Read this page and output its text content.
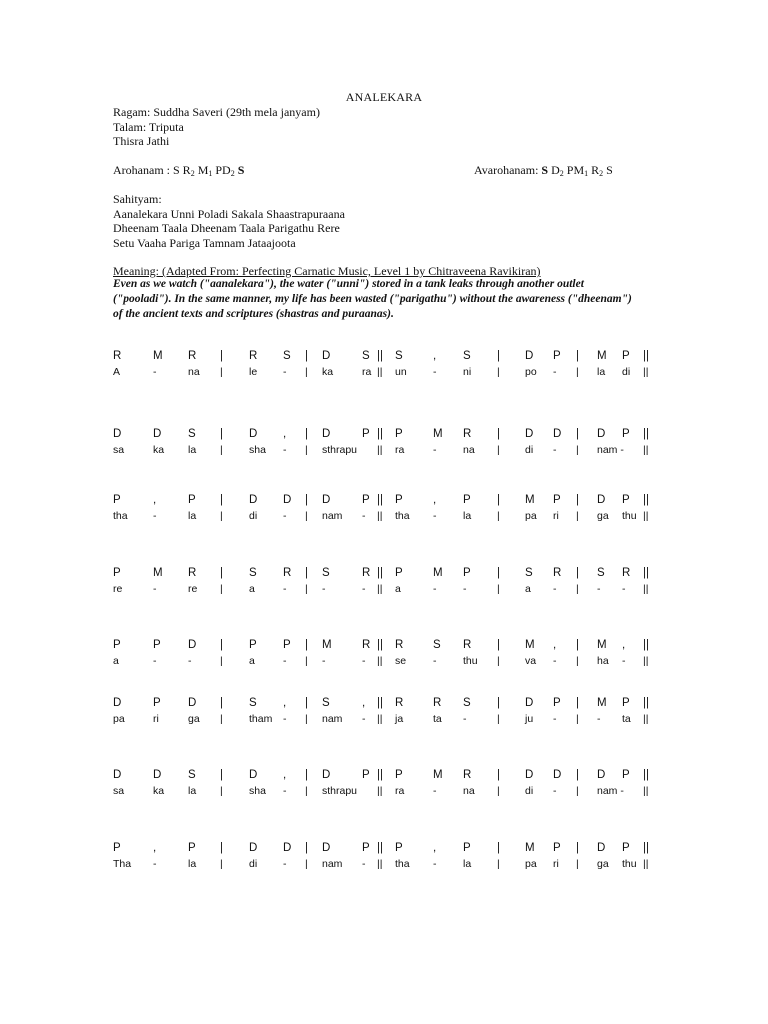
ANALEKARA
Ragam: Suddha Saveri (29th mela janyam)
Talam: Triputa
Thisra Jathi
Arohanam : S $R_2$ $M_1$ $PD_2$ S	Avarohanam: S $D_2$ $PM_1$ $R_2$ S
Sahityam:
Aanalekara Unni Poladi Sakala Shaastrapuraana
Dheenam Taala Dheenam Taala Parigathu Rere
Setu Vaaha Pariga Tamnam Jataajoota
Meaning: (Adapted From: Perfecting Carnatic Music, Level 1 by Chitraveena Ravikiran)
Even as we watch ("aanalekara"), the water ("unni") stored in a tank leaks through another outlet ("pooladi"). In the same manner, my life has been wasted ("parigathu") without the awareness ("dheenam") of the ancient texts and scriptures (shastras and puraanas).
R	M R | R S | D	S || S	, S | D P | M P ||
A	-	na |	le - | ka	ra || un	-	ni | po - | la di ||
D	D S | D , | D	P || P	M R | D D | D P ||
sa	ka la |	sha - | sthrapu || ra	-	na | di - | nam - ||
P	,	P | D D | D	P || P	, P | M P | D P ||
tha -	la |	di - | nam - || tha -	la | pa ri | ga thu ||
P	M R | S R | S	R || P	M P | S R | S R ||
re	-	re |	a	- | -	- || a	-	-	| a - | - - ||
P	P D | P P | M	R || R	S R | M , | M , ||
a	-	-	|	a	- | -	- || se	-	thu | va - | ha - ||
D	P D | S , | S	, || R	R S | D P | M P ||
pa	ri	ga |	tham - | nam - || ja	ta -	| ju - | - ta ||
D	D S | D , | D	P || P	M R | D D | D P ||
sa	ka la |	sha - | sthrapu || ra	-	na | di - | nam - ||
P	,	P | D D | D	P || P	, P | M P | D P ||
Tha -	la |	di - | nam - || tha -	la | pa ri | ga thu ||
